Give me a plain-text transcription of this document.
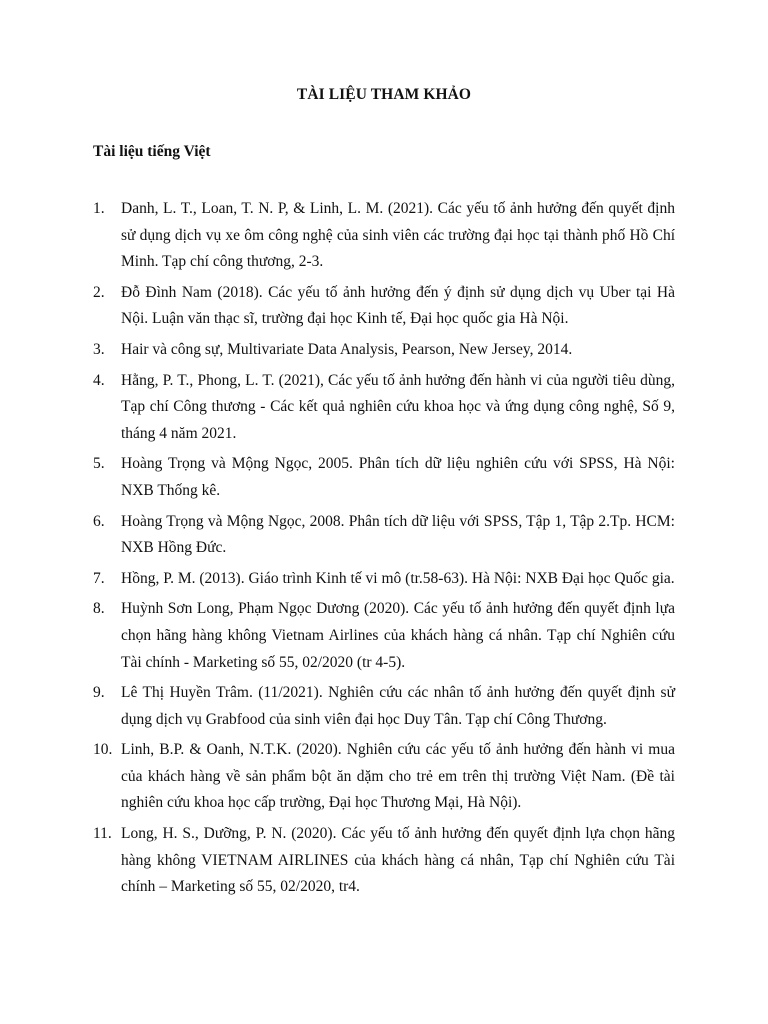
TÀI LIỆU THAM KHẢO
Tài liệu tiếng Việt
1. Danh, L. T., Loan, T. N. P, & Linh, L. M. (2021). Các yếu tố ảnh hưởng đến quyết định sử dụng dịch vụ xe ôm công nghệ của sinh viên các trường đại học tại thành phố Hồ Chí Minh. Tạp chí công thương, 2-3.
2. Đỗ Đình Nam (2018). Các yếu tố ảnh hưởng đến ý định sử dụng dịch vụ Uber tại Hà Nội. Luận văn thạc sĩ, trường đại học Kinh tế, Đại học quốc gia Hà Nội.
3. Hair và công sự, Multivariate Data Analysis, Pearson, New Jersey, 2014.
4. Hằng, P. T., Phong, L. T. (2021), Các yếu tố ảnh hưởng đến hành vi của người tiêu dùng, Tạp chí Công thương - Các kết quả nghiên cứu khoa học và ứng dụng công nghệ, Số 9, tháng 4 năm 2021.
5. Hoàng Trọng và Mộng Ngọc, 2005. Phân tích dữ liệu nghiên cứu với SPSS, Hà Nội: NXB Thống kê.
6. Hoàng Trọng và Mộng Ngọc, 2008. Phân tích dữ liệu với SPSS, Tập 1, Tập 2.Tp. HCM: NXB Hồng Đức.
7. Hồng, P. M. (2013). Giáo trình Kinh tế vi mô (tr.58-63). Hà Nội: NXB Đại học Quốc gia.
8. Huỳnh Sơn Long, Phạm Ngọc Dương (2020). Các yếu tố ảnh hưởng đến quyết định lựa chọn hãng hàng không Vietnam Airlines của khách hàng cá nhân. Tạp chí Nghiên cứu Tài chính - Marketing số 55, 02/2020 (tr 4-5).
9. Lê Thị Huyền Trâm. (11/2021). Nghiên cứu các nhân tố ảnh hưởng đến quyết định sử dụng dịch vụ Grabfood của sinh viên đại học Duy Tân. Tạp chí Công Thương.
10. Linh, B.P. & Oanh, N.T.K. (2020). Nghiên cứu các yếu tố ảnh hưởng đến hành vi mua của khách hàng về sản phẩm bột ăn dặm cho trẻ em trên thị trường Việt Nam. (Đề tài nghiên cứu khoa học cấp trường, Đại học Thương Mại, Hà Nội).
11. Long, H. S., Dưỡng, P. N. (2020). Các yếu tố ảnh hưởng đến quyết định lựa chọn hãng hàng không VIETNAM AIRLINES của khách hàng cá nhân, Tạp chí Nghiên cứu Tài chính – Marketing số 55, 02/2020, tr4.
